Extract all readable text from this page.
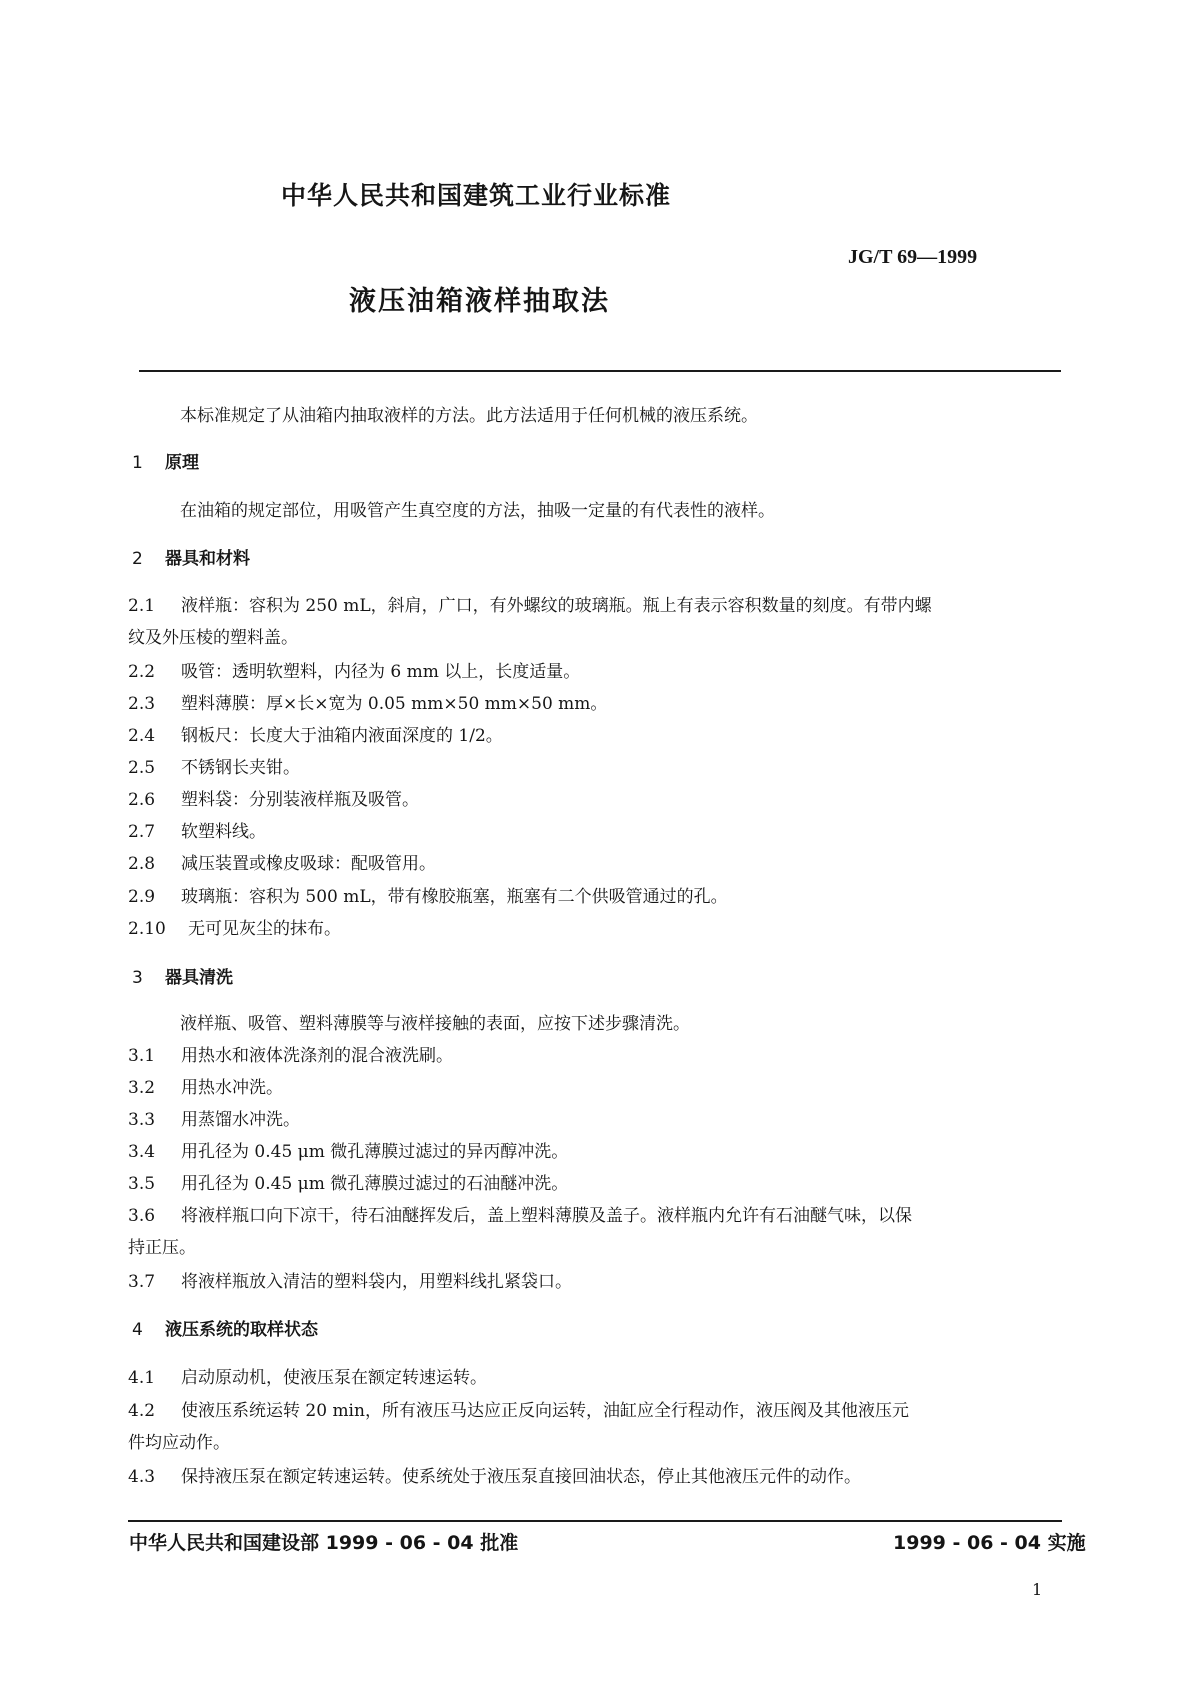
中华人民共和国建筑工业行业标准
JG/T 69—1999
液压油箱液样抽取法
本标准规定了从油箱内抽取液样的方法。此方法适用于任何机械的液压系统。
1 原理
在油箱的规定部位，用吸管产生真空度的方法，抽吸一定量的有代表性的液样。
2 器具和材料
2.1 液样瓶：容积为 250 mL，斜肩，广口，有外螺纹的玻璃瓶。瓶上有表示容积数量的刻度。有带内螺
纹及外压棱的塑料盖。
2.2 吸管：透明软塑料，内径为 6 mm 以上，长度适量。
2.3 塑料薄膜：厚×长×宽为 0.05 mm×50 mm×50 mm。
2.4 钢板尺：长度大于油箱内液面深度的 1/2。
2.5 不锈钢长夹钳。
2.6 塑料袋：分别装液样瓶及吸管。
2.7 软塑料线。
2.8 减压装置或橡皮吸球：配吸管用。
2.9 玻璃瓶：容积为 500 mL，带有橡胶瓶塞，瓶塞有二个供吸管通过的孔。
2.10 无可见灰尘的抹布。
3 器具清洗
液样瓶、吸管、塑料薄膜等与液样接触的表面，应按下述步骤清洗。
3.1 用热水和液体洗涤剂的混合液洗刷。
3.2 用热水冲洗。
3.3 用蒸馏水冲洗。
3.4 用孔径为 0.45 μm 微孔薄膜过滤过的异丙醇冲洗。
3.5 用孔径为 0.45 μm 微孔薄膜过滤过的石油醚冲洗。
3.6 将液样瓶口向下凉干，待石油醚挥发后，盖上塑料薄膜及盖子。液样瓶内允许有石油醚气味，以保
持正压。
3.7 将液样瓶放入清洁的塑料袋内，用塑料线扎紧袋口。
4 液压系统的取样状态
4.1 启动原动机，使液压泵在额定转速运转。
4.2 使液压系统运转 20 min，所有液压马达应正反向运转，油缸应全行程动作，液压阀及其他液压元
件均应动作。
4.3 保持液压泵在额定转速运转。使系统处于液压泵直接回油状态，停止其他液压元件的动作。
中华人民共和国建设部 1999 - 06 - 04 批准	1999 - 06 - 04 实施
1
